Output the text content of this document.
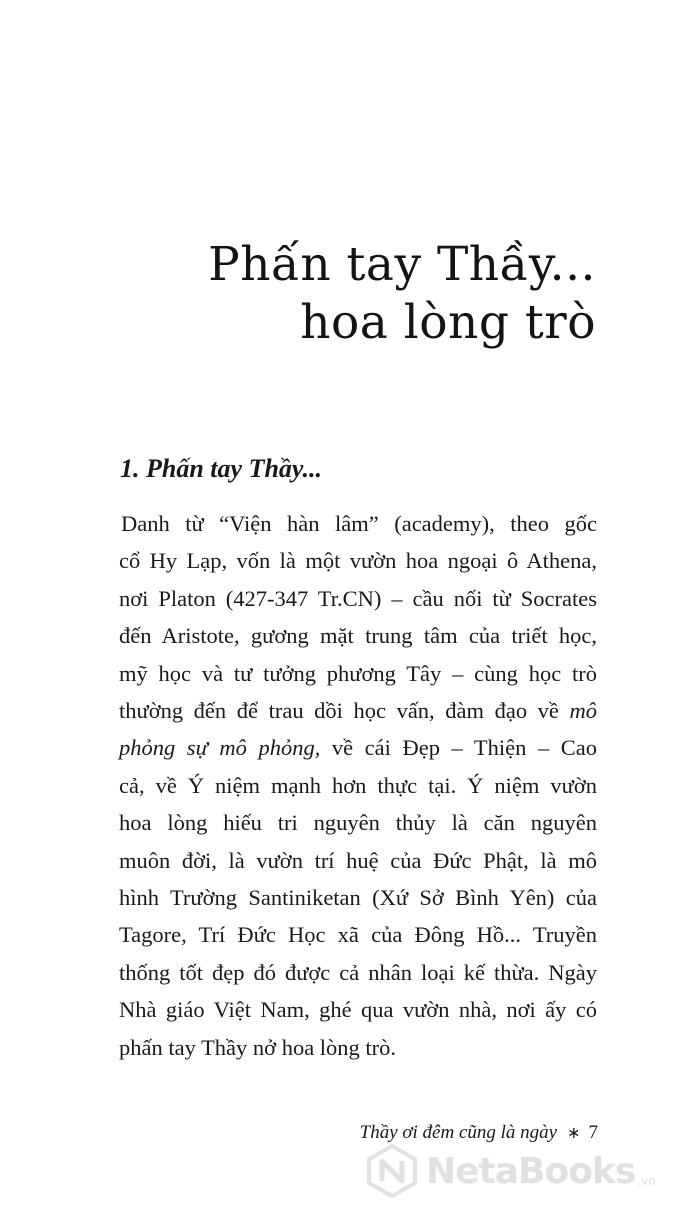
Phấn tay Thầy...
hoa lòng trò
1. Phấn tay Thầy...
Danh từ “Viện hàn lâm” (academy), theo gốc
cổ Hy Lạp, vốn là một vườn hoa ngoại ô Athena,
nơi Platon (427-347 Tr.CN) – cầu nối từ Socrates
đến Aristote, gương mặt trung tâm của triết học,
mỹ học và tư tưởng phương Tây – cùng học trò
thường đến để trau dồi học vấn, đàm đạo về mô
phỏng sự mô phỏng, về cái Đẹp – Thiện – Cao
cả, về Ý niệm mạnh hơn thực tại. Ý niệm vườn
hoa lòng hiếu tri nguyên thủy là căn nguyên
muôn đời, là vườn trí huệ của Đức Phật, là mô
hình Trường Santiniketan (Xứ Sở Bình Yên) của
Tagore, Trí Đức Học xã của Đông Hồ... Truyền
thống tốt đẹp đó được cả nhân loại kế thừa. Ngày
Nhà giáo Việt Nam, ghé qua vườn nhà, nơi ấy có
phấn tay Thầy nở hoa lòng trò.
Thầy ơi đêm cũng là ngày ∗ 7
NetaBooks .vn
